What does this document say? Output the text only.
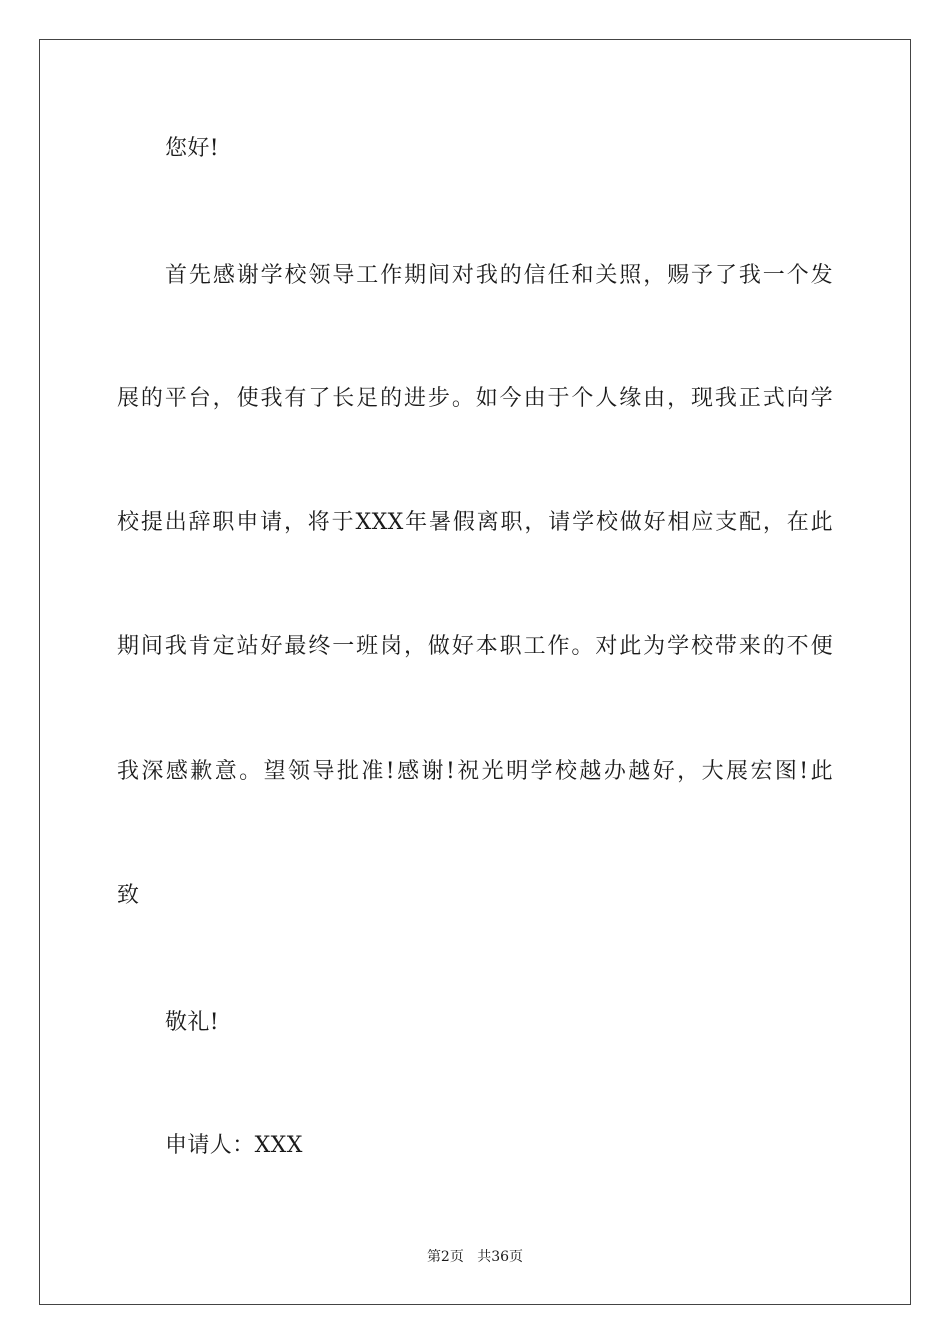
您好!
首先感谢学校领导工作期间对我的信任和关照，赐予了我一个发
展的平台，使我有了长足的进步。如今由于个人缘由，现我正式向学
校提出辞职申请，将于XXX年暑假离职，请学校做好相应支配，在此
期间我肯定站好最终一班岗，做好本职工作。对此为学校带来的不便
我深感歉意。望领导批准!感谢!祝光明学校越办越好，大展宏图!此
致
敬礼!
申请人：XXX
第2页 共36页
